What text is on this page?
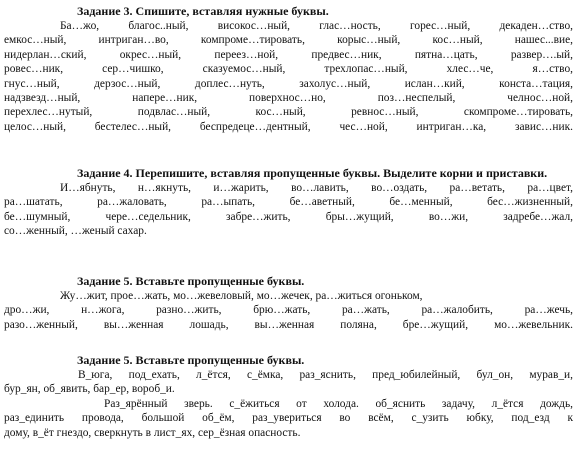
Задание 3. Спишите, вставляя нужные буквы.

Ба…жо, благос..ный, високос…ный, глас…ность, горес…ный, декаден…ство,

емкос…ный, интриган…во, компроме…тировать, корыс…ный, кос…ный, нашес...вие,

нидерлан…ский, окрес…ный, переез…ной, предвес…ник, пятна…цать, развер….ый,

ровес…ник, сер…чишко, сказуемос…ный, трехлопас…ный, хлес…че, я…ство,

гнус…ный, дерзос…ный, доплес…нуть, захолус…ный, ислан…кий, конста…тация,

надзвезд…ный, напере…ник, поверхнос…но, поз…неспелый, челнос…ной,

перехлес…нутый, подвлас…ный, кос…ный, ревнос…ный, скомпроме…тировать,

целос…ный, бестелес…ный, беспредеце…дентный, чес…ной, интриган…ка, завис…ник.

Задание 4. Перепишите, вставляя пропущенные буквы. Выделите корни и приставки.

И…ябнуть, н…якнуть, и…жарить, во…лавить, во…оздать, ра…ветать, ра…цвет,

ра…шатать, ра…жаловать, ра…ыпать, бе…аветный, бе…менный, бес…жизненный,

бе…шумный, чере…седельник, забре…жить, бры…жущий, во…жи, задребе…жал,

со…женный, …женый сахар.

Задание 5. Вставьте пропущенные буквы.

Жу…жит, прое…жать, мо…жевеловый, мо…жечек, ра…житься огоньком,

дро…жи, н…жога, разно…жить, брю…жать, ра…жать, ра…жалобить, ра…жечь,

разо…женный, вы…женная лошадь, вы…женная поляна, бре…жущий, мо…жевельник.

Задание 5. Вставьте пропущенные буквы.

В_юга, под_ехать, л_ётся, с_ёмка, раз_яснить, пред_юбилейный, бул_он, мурав_и,

бур_ян, об_явить, бар_ер, вороб_и.

Раз_ярённый зверь. с_ёжиться от холода. об_яснить задачу, л_ётся дождь,

раз_единить провода, большой об_ём, раз_увериться во всём, с_узить юбку, под_езд к

дому, в_ёт гнездо, сверкнуть в лист_ях, сер_ёзная опасность.
